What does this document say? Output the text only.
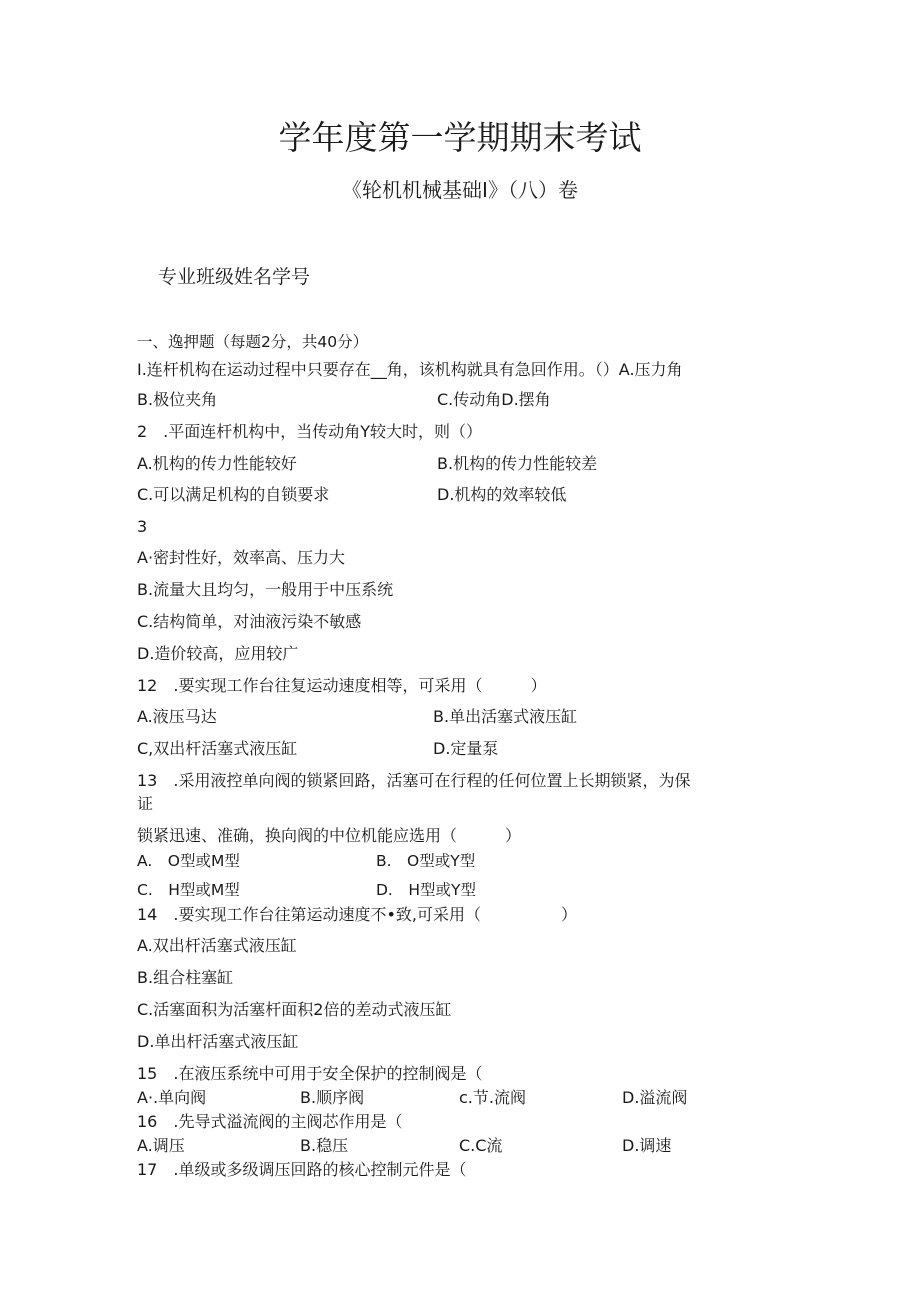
学年度第一学期期末考试
《轮机机械基础I》（八）卷
专业班级姓名学号
一、逸押题（每题2分，共40分）
I.连杆机构在运动过程中只要存在__角，该机构就具有急回作用。（）A.压力角
B.极位夹角	C.传动角D.摆角
2　.平面连杆机构中，当传动角Y较大时，则（）
A.机构的传力性能较好	B.机构的传力性能较差
C.可以满足机构的自锁要求	D.机构的效率较低
3
A·密封性好，效率高、压力大
B.流量大且均匀，一般用于中压系统
C.结构简单，对油液污染不敏感
D.造价较高，应用较广
12　.要实现工作台往复运动速度相等，可采用（　　　）
A.液压马达	B.单出活塞式液压缸
C,双出杆活塞式液压缸	D.定量泵
13　.采用液控单向阀的锁紧回路，活塞可在行程的任何位置上长期锁紧，为保
证
锁紧迅速、准确，换向阀的中位机能应选用（　　　）
A.　O型或M型	B.　O型或Y型
C.　H型或M型	D.　H型或Y型
14　.要实现工作台往第运动速度不•致,可采用（　　　　　）
A.双出杆活塞式液压缸
B.组合柱塞缸
C.活塞面积为活塞杆面积2倍的差动式液压缸
D.单出杆活塞式液压缸
15　.在液压系统中可用于安全保护的控制阀是（
A·.单向阀	B.顺序阀	c.节.流阀	D.溢流阀
16　.先导式溢流阀的主阀芯作用是（
A.调压	B.稳压	C.C流	D.调速
17　.单级或多级调压回路的核心控制元件是（
